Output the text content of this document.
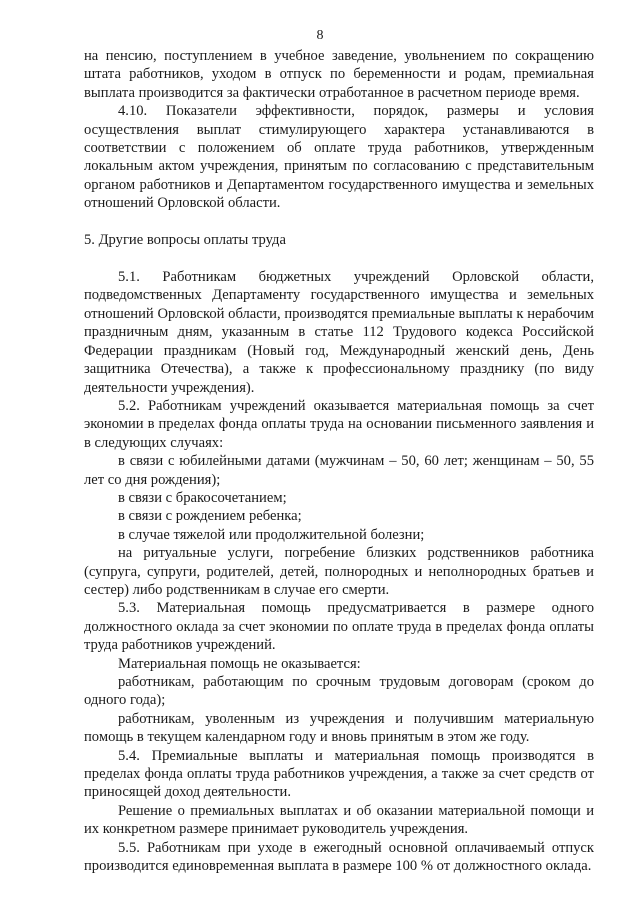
8

на пенсию, поступлением в учебное заведение, увольнением по сокращению штата работников, уходом в отпуск по беременности и родам, премиальная выплата производится за фактически отработанное в расчетном периоде время.

4.10. Показатели эффективности, порядок, размеры и условия осуществления выплат стимулирующего характера устанавливаются в соответствии с положением об оплате труда работников, утвержденным локальным актом учреждения, принятым по согласованию с представительным органом работников и Департаментом государственного имущества и земельных отношений Орловской области.

5. Другие вопросы оплаты труда

5.1. Работникам бюджетных учреждений Орловской области, подведомственных Департаменту государственного имущества и земельных отношений Орловской области, производятся премиальные выплаты к нерабочим праздничным дням, указанным в статье 112 Трудового кодекса Российской Федерации праздникам (Новый год, Международный женский день, День защитника Отечества), а также к профессиональному празднику (по виду деятельности учреждения).

5.2. Работникам учреждений оказывается материальная помощь за счет экономии в пределах фонда оплаты труда на основании письменного заявления и в следующих случаях:

в связи с юбилейными датами (мужчинам – 50, 60 лет; женщинам – 50, 55 лет со дня рождения);

в связи с бракосочетанием;

в связи с рождением ребенка;

в случае тяжелой или продолжительной болезни;

на ритуальные услуги, погребение близких родственников работника (супруга, супруги, родителей, детей, полнородных и неполнородных братьев и сестер) либо родственникам в случае его смерти.

5.3. Материальная помощь предусматривается в размере одного должностного оклада за счет экономии по оплате труда в пределах фонда оплаты труда работников учреждений.

Материальная помощь не оказывается:

работникам, работающим по срочным трудовым договорам (сроком до одного года);

работникам, уволенным из учреждения и получившим материальную помощь в текущем календарном году и вновь принятым в этом же году.

5.4. Премиальные выплаты и материальная помощь производятся в пределах фонда оплаты труда работников учреждения, а также за счет средств от приносящей доход деятельности.

Решение о премиальных выплатах и об оказании материальной помощи и их конкретном размере принимает руководитель учреждения.

5.5. Работникам при уходе в ежегодный основной оплачиваемый отпуск производится единовременная выплата в размере 100 % от должностного оклада.
